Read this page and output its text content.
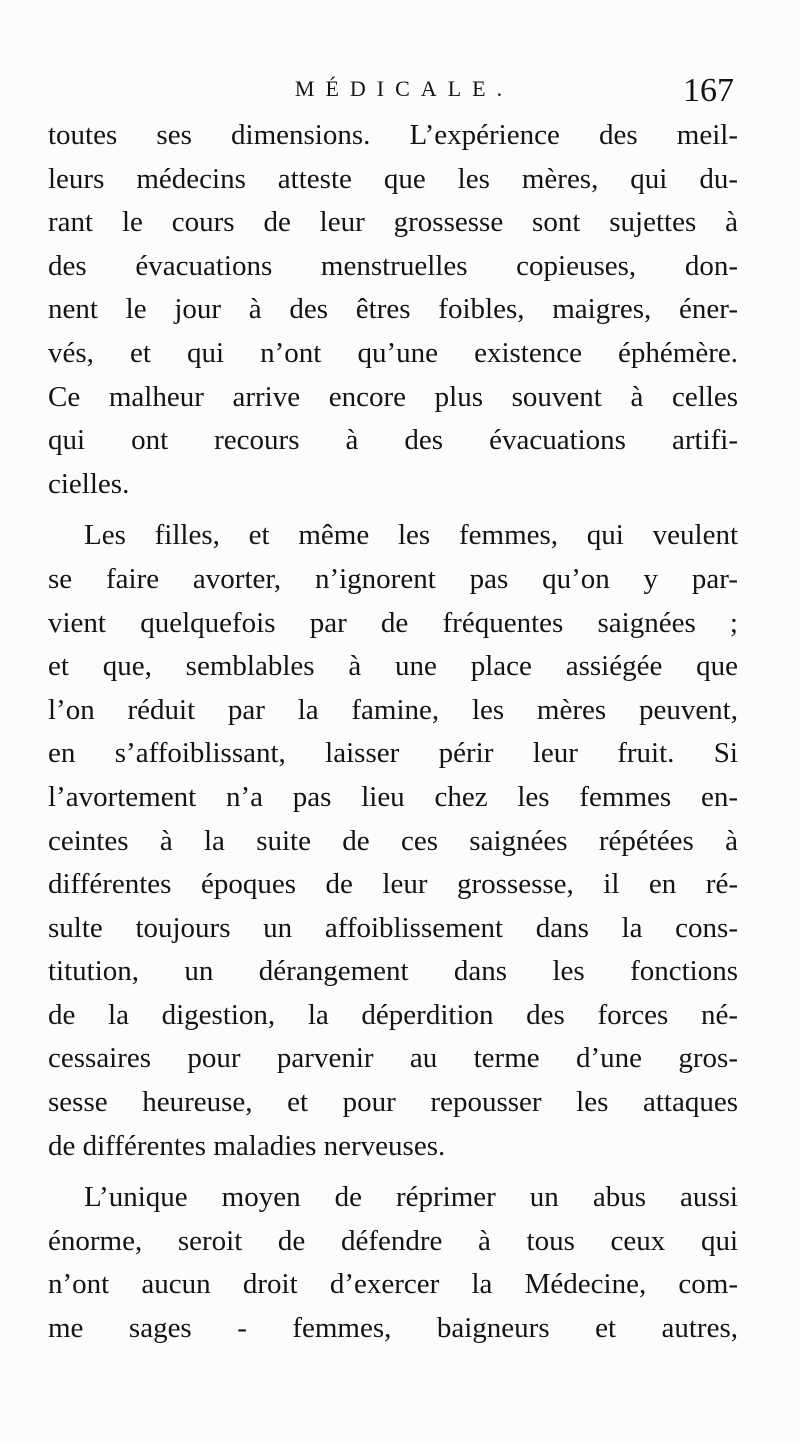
MÉDICALE.	167
toutes ses dimensions. L’expérience des meil-
leurs médecins atteste que les mères, qui du-
rant le cours de leur grossesse sont sujettes à
des évacuations menstruelles copieuses, don-
nent le jour à des êtres foibles, maigres, éner-
vés, et qui n’ont qu’une existence éphémère.
Ce malheur arrive encore plus souvent à celles
qui ont recours à des évacuations artifi-
cielles.
Les filles, et même les femmes, qui veulent
se faire avorter, n’ignorent pas qu’on y par-
vient quelquefois par de fréquentes saignées ;
et que, semblables à une place assiégée que
l’on réduit par la famine, les mères peuvent,
en s’affoiblissant, laisser périr leur fruit. Si
l’avortement n’a pas lieu chez les femmes en-
ceintes à la suite de ces saignées répétées à
différentes époques de leur grossesse, il en ré-
sulte toujours un affoiblissement dans la cons-
titution, un dérangement dans les fonctions
de la digestion, la déperdition des forces né-
cessaires pour parvenir au terme d’une gros-
sesse heureuse, et pour repousser les attaques
de différentes maladies nerveuses.
L’unique moyen de réprimer un abus aussi
énorme, seroit de défendre à tous ceux qui
n’ont aucun droit d’exercer la Médecine, com-
me sages - femmes, baigneurs et autres,
